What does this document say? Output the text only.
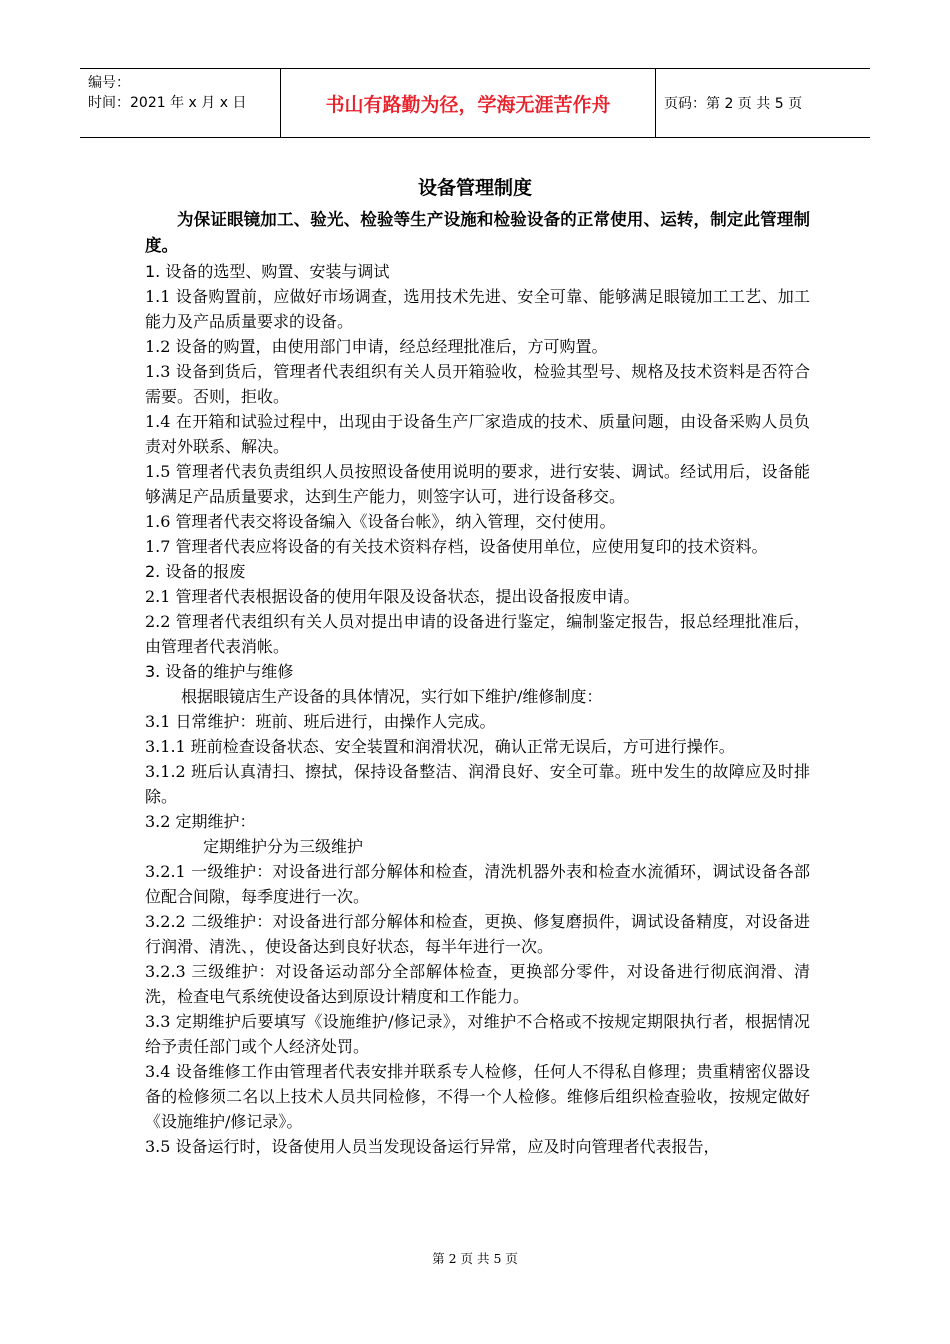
编号：
时间：2021 年 x 月 x 日	书山有路勤为径，学海无涯苦作舟	页码：第 2 页 共 5 页
设备管理制度

为保证眼镜加工、验光、检验等生产设施和检验设备的正常使用、运转，制定此管理制度。

1. 设备的选型、购置、安装与调试

1.1 设备购置前，应做好市场调查，选用技术先进、安全可靠、能够满足眼镜加工工艺、加工能力及产品质量要求的设备。

1.2 设备的购置，由使用部门申请，经总经理批准后，方可购置。

1.3 设备到货后，管理者代表组织有关人员开箱验收，检验其型号、规格及技术资料是否符合需要。否则，拒收。

1.4 在开箱和试验过程中，出现由于设备生产厂家造成的技术、质量问题，由设备采购人员负责对外联系、解决。

1.5 管理者代表负责组织人员按照设备使用说明的要求，进行安装、调试。经试用后，设备能够满足产品质量要求，达到生产能力，则签字认可，进行设备移交。

1.6 管理者代表交将设备编入《设备台帐》，纳入管理，交付使用。

1.7 管理者代表应将设备的有关技术资料存档，设备使用单位，应使用复印的技术资料。

2. 设备的报废

2.1 管理者代表根据设备的使用年限及设备状态，提出设备报废申请。

2.2 管理者代表组织有关人员对提出申请的设备进行鉴定，编制鉴定报告，报总经理批准后，由管理者代表消帐。

3. 设备的维护与维修

根据眼镜店生产设备的具体情况，实行如下维护/维修制度：

3.1 日常维护：班前、班后进行，由操作人完成。

3.1.1 班前检查设备状态、安全装置和润滑状况，确认正常无误后，方可进行操作。

3.1.2 班后认真清扫、擦拭，保持设备整洁、润滑良好、安全可靠。班中发生的故障应及时排除。

3.2 定期维护：

定期维护分为三级维护

3.2.1 一级维护：对设备进行部分解体和检查，清洗机器外表和检查水流循环，调试设备各部位配合间隙，每季度进行一次。

3.2.2 二级维护：对设备进行部分解体和检查，更换、修复磨损件，调试设备精度，对设备进行润滑、清洗、，使设备达到良好状态，每半年进行一次。

3.2.3 三级维护：对设备运动部分全部解体检查，更换部分零件，对设备进行彻底润滑、清洗，检查电气系统使设备达到原设计精度和工作能力。

3.3 定期维护后要填写《设施维护/修记录》，对维护不合格或不按规定期限执行者，根据情况给予责任部门或个人经济处罚。

3.4 设备维修工作由管理者代表安排并联系专人检修，任何人不得私自修理；贵重精密仪器设备的检修须二名以上技术人员共同检修，不得一个人检修。维修后组织检查验收，按规定做好《设施维护/修记录》。

3.5 设备运行时，设备使用人员当发现设备运行异常，应及时向管理者代表报告，

第 2 页 共 5 页
